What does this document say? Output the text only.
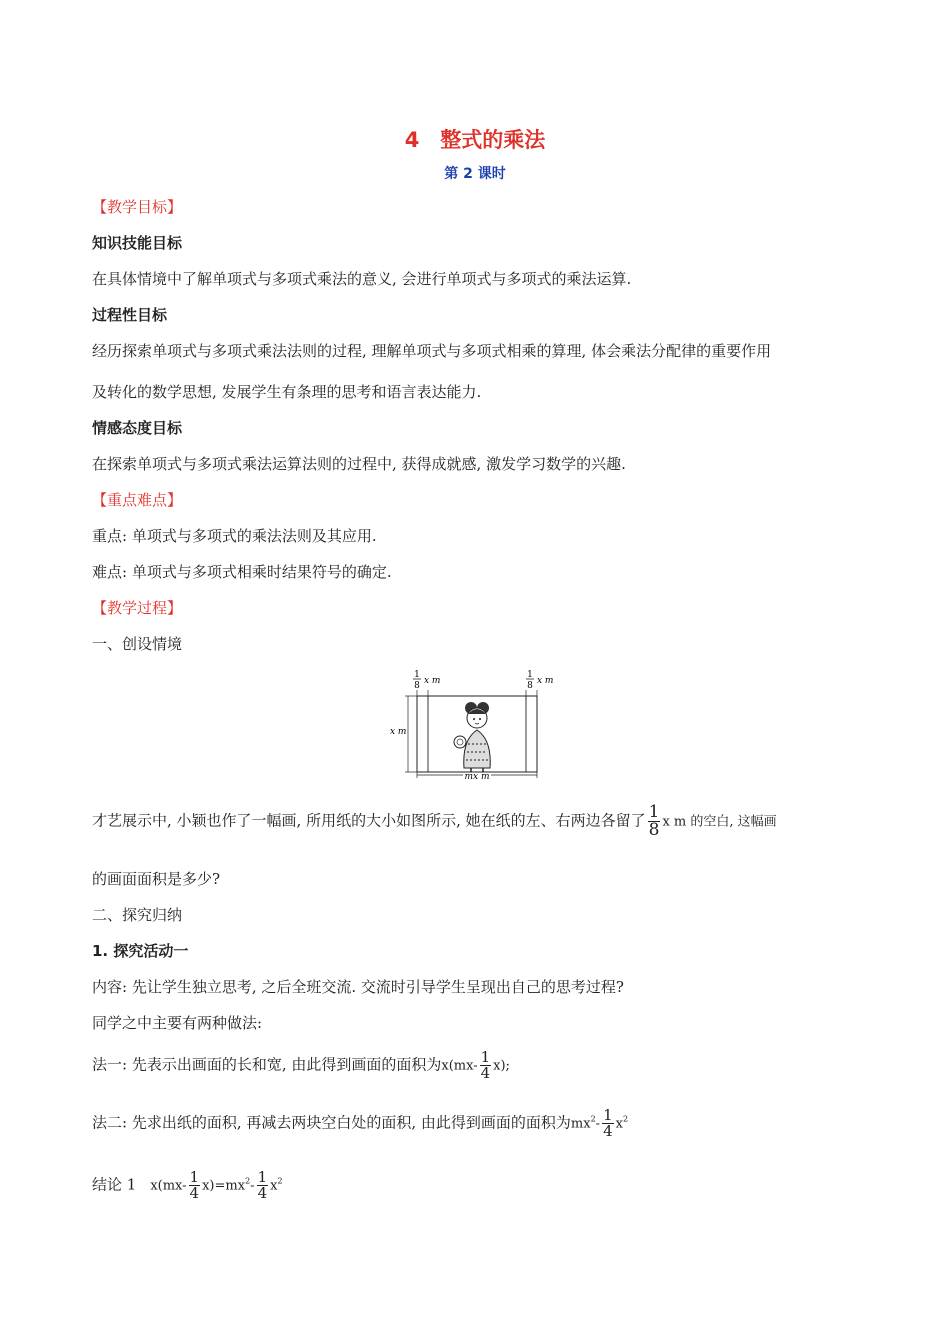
4　整式的乘法
第 2 课时
【教学目标】
知识技能目标
在具体情境中了解单项式与多项式乘法的意义, 会进行单项式与多项式的乘法运算.
过程性目标
经历探索单项式与多项式乘法法则的过程, 理解单项式与多项式相乘的算理, 体会乘法分配律的重要作用
及转化的数学思想, 发展学生有条理的思考和语言表达能力.
情感态度目标
在探索单项式与多项式乘法运算法则的过程中, 获得成就感, 激发学习数学的兴趣.
【重点难点】
重点: 单项式与多项式的乘法法则及其应用.
难点: 单项式与多项式相乘时结果符号的确定.
【教学过程】
一、创设情境
1
8 x m
1
8 x m
x m
mx m
才艺展示中, 小颖也作了一幅画, 所用纸的大小如图所示, 她在纸的左、右两边各留了 $\frac{1}{8}$ x m 的空白, 这幅画
的画面面积是多少?
二、探究归纳
1. 探究活动一
内容: 先让学生独立思考, 之后全班交流. 交流时引导学生呈现出自己的思考过程?
同学之中主要有两种做法:
法一: 先表示出画面的长和宽, 由此得到画面的面积为$x(mx- \frac{1}{4} x)$;
法二: 先求出纸的面积, 再减去两块空白处的面积, 由此得到画面的面积为$mx^2- \frac{1}{4} x^2$
结论 1 $x(mx- \frac{1}{4} x)=mx^2- \frac{1}{4} x^2$
